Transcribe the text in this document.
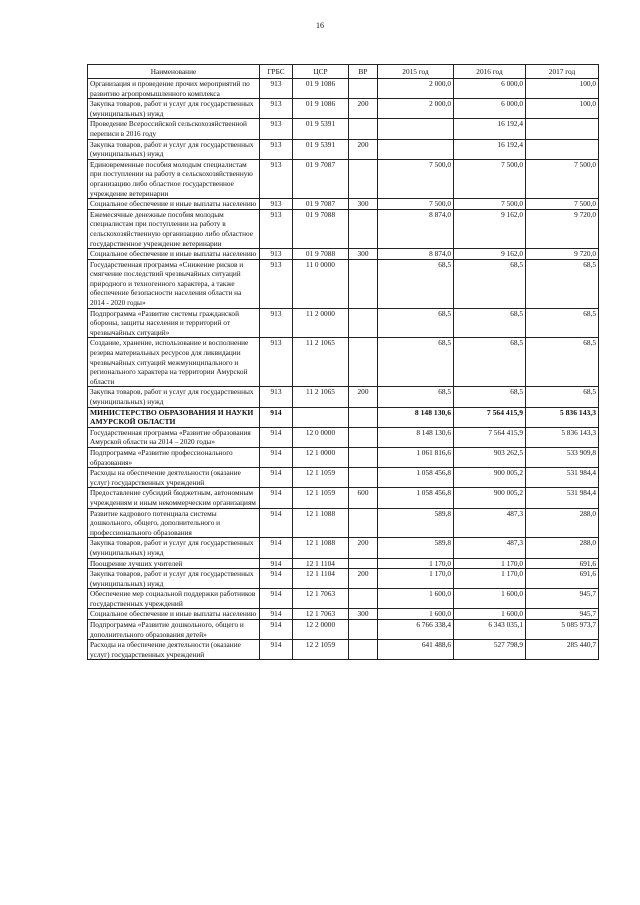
16
Наименование	ГРБС	ЦСР	ВР	2015 год	2016 год	2017 год
Организация и проведение прочих мероприятий по развитию агропромышленного комплекса	913	01 9 1086		2 000,0	6 000,0	100,0
Закупка товаров, работ и услуг для государственных (муниципальных) нужд	913	01 9 1086	200	2 000,0	6 000,0	100,0
Проведение Всероссийской сельскохозяйственной переписи в 2016 году	913	01 9 5391			16 192,4	
Закупка товаров, работ и услуг для государственных (муниципальных) нужд	913	01 9 5391	200		16 192,4	
Единовременные пособия молодым специалистам при поступлении на работу в сельскохозяйственную организацию либо областное государственное учреждение ветеринарии	913	01 9 7087		7 500,0	7 500,0	7 500,0
Социальное обеспечение и иные выплаты населению	913	01 9 7087	300	7 500,0	7 500,0	7 500,0
Ежемесячные денежные пособия молодым специалистам при поступлении на работу в сельскохозяйственную организацию либо областное государственное учреждение ветеринарии	913	01 9 7088		8 874,0	9 162,0	9 720,0
Социальное обеспечение и иные выплаты населению	913	01 9 7088	300	8 874,0	9 162,0	9 720,0
Государственная программа «Снижение рисков и смягчение последствий чрезвычайных ситуаций природного и техногенного характера, а также обеспечение безопасности населения области на 2014 - 2020 годы»	913	11 0 0000		68,5	68,5	68,5
Подпрограмма «Развитие системы гражданской обороны, защиты населения и территорий от чрезвычайных ситуаций»	913	11 2 0000		68,5	68,5	68,5
Создание, хранение, использование и восполнение резерва материальных ресурсов для ликвидации чрезвычайных ситуаций межмуниципального и регионального характера на территории Амурской области	913	11 2 1065		68,5	68,5	68,5
Закупка товаров, работ и услуг для государственных (муниципальных) нужд	913	11 2 1065	200	68,5	68,5	68,5
МИНИСТЕРСТВО ОБРАЗОВАНИЯ И НАУКИ АМУРСКОЙ ОБЛАСТИ	914			8 148 130,6	7 564 415,9	5 836 143,3
Государственная программа «Развитие образования Амурской области на 2014 – 2020 годы»	914	12 0 0000		8 148 130,6	7 564 415,9	5 836 143,3
Подпрограмма «Развитие профессионального образования»	914	12 1 0000		1 061 816,6	903 262,5	533 909,8
Расходы на обеспечение деятельности (оказание услуг) государственных учреждений	914	12 1 1059		1 058 456,8	900 005,2	531 984,4
Предоставление субсидий бюджетным, автономным учреждениям и иным некоммерческим организациям	914	12 1 1059	600	1 058 456,8	900 005,2	531 984,4
Развитие кадрового потенциала системы дошкольного, общего, дополнительного и профессионального образования	914	12 1 1088		589,8	487,3	288,0
Закупка товаров, работ и услуг для государственных (муниципальных) нужд	914	12 1 1088	200	589,8	487,3	288,0
Поощрение лучших учителей	914	12 1 1104		1 170,0	1 170,0	691,6
Закупка товаров, работ и услуг для государственных (муниципальных) нужд	914	12 1 1104	200	1 170,0	1 170,0	691,6
Обеспечение мер социальной поддержки работников государственных учреждений	914	12 1 7063		1 600,0	1 600,0	945,7
Социальное обеспечение и иные выплаты населению	914	12 1 7063	300	1 600,0	1 600,0	945,7
Подпрограмма «Развитие дошкольного, общего и дополнительного образования детей»	914	12 2 0000		6 766 338,4	6 343 035,1	5 085 973,7
Расходы на обеспечение деятельности (оказание услуг) государственных учреждений	914	12 2 1059		641 488,6	527 798,9	285 440,7
